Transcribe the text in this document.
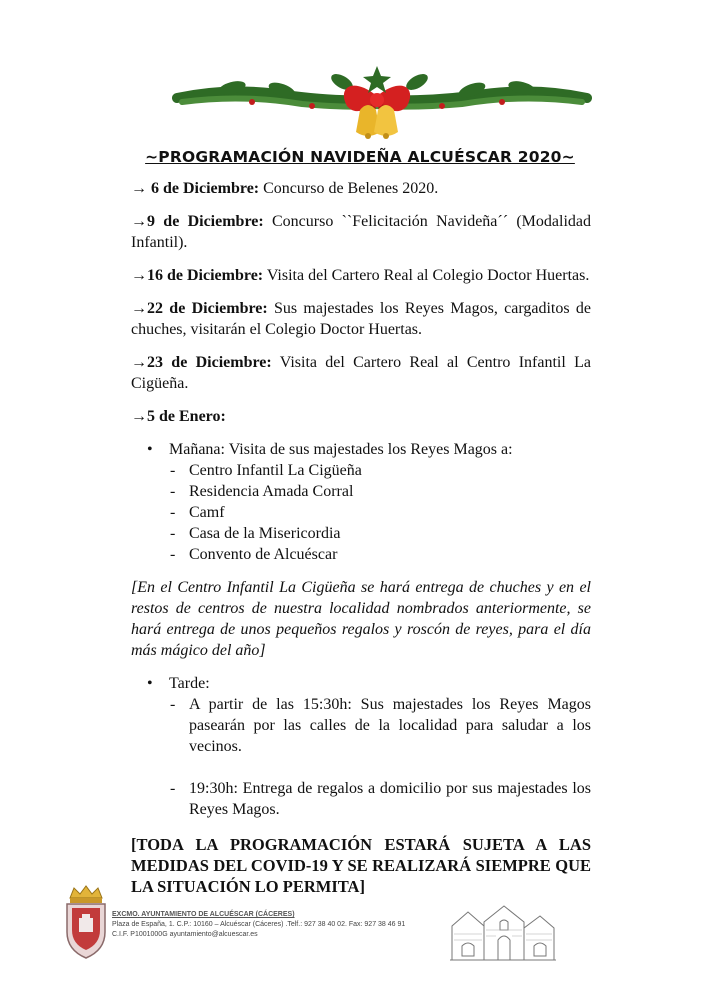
~PROGRAMACIÓN NAVIDEÑA ALCUÉSCAR 2020~

→ 6 de Diciembre: Concurso de Belenes 2020.

→9 de Diciembre: Concurso ``Felicitación Navideña´´ (Modalidad Infantil).

→16 de Diciembre: Visita del Cartero Real al Colegio Doctor Huertas.

→22 de Diciembre: Sus majestades los Reyes Magos, cargaditos de chuches, visitarán el Colegio Doctor Huertas.

→23 de Diciembre: Visita del Cartero Real al Centro Infantil La Cigüeña.

→5 de Enero:

• Mañana: Visita de sus majestades los Reyes Magos a:
- Centro Infantil La Cigüeña
- Residencia Amada Corral
- Camf
- Casa de la Misericordia
- Convento de Alcuéscar

[En el Centro Infantil La Cigüeña se hará entrega de chuches y en el restos de centros de nuestra localidad nombrados anteriormente, se hará entrega de unos pequeños regalos y roscón de reyes, para el día más mágico del año]

• Tarde:
- A partir de las 15:30h: Sus majestades los Reyes Magos pasearán por las calles de la localidad para saludar a los vecinos.
- 19:30h: Entrega de regalos a domicilio por sus majestades los Reyes Magos.

[TODA LA PROGRAMACIÓN ESTARÁ SUJETA A LAS MEDIDAS DEL COVID-19 Y SE REALIZARÁ SIEMPRE QUE LA SITUACIÓN LO PERMITA]

EXCMO. AYUNTAMIENTO DE ALCUÉSCAR (CÁCERES)
Plaza de España, 1. C.P.: 10160 – Alcuéscar (Cáceres) .Telf.: 927 38 40 02. Fax: 927 38 46 91
C.I.F. P1001000G ayuntamiento@alcuescar.es
